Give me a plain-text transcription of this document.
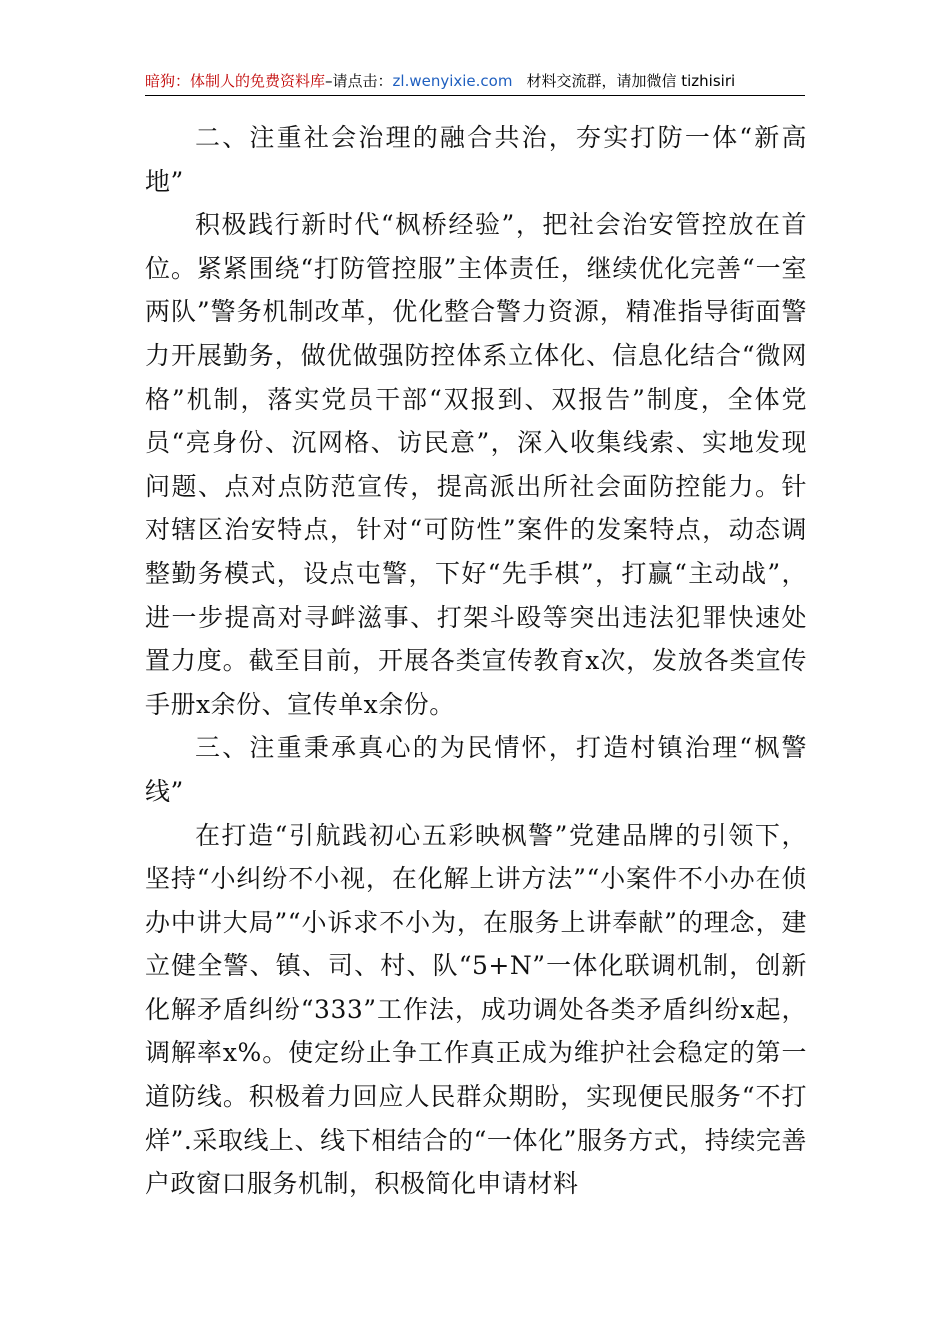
暗狗：体制人的免费资料库–请点击：zl.wenyixie.com 材料交流群，请加微信 tizhisiri

二、注重社会治理的融合共治，夯实打防一体“新高地”

积极践行新时代“枫桥经验”，把社会治安管控放在首位。紧紧围绕“打防管控服”主体责任，继续优化完善“一室两队”警务机制改革，优化整合警力资源，精准指导街面警力开展勤务，做优做强防控体系立体化、信息化结合“微网格”机制，落实党员干部“双报到、双报告”制度，全体党员“亮身份、沉网格、访民意”，深入收集线索、实地发现问题、点对点防范宣传，提高派出所社会面防控能力。针对辖区治安特点，针对“可防性”案件的发案特点，动态调整勤务模式，设点屯警，下好“先手棋”，打赢“主动战”，进一步提高对寻衅滋事、打架斗殴等突出违法犯罪快速处置力度。截至目前，开展各类宣传教育x次，发放各类宣传手册x余份、宣传单x余份。

三、注重秉承真心的为民情怀，打造村镇治理“枫警线”

在打造“引航践初心五彩映枫警”党建品牌的引领下，坚持“小纠纷不小视，在化解上讲方法”“小案件不小办在侦办中讲大局”“小诉求不小为，在服务上讲奉献”的理念，建立健全警、镇、司、村、队“5+N”一体化联调机制，创新化解矛盾纠纷“333”工作法，成功调处各类矛盾纠纷x起，调解率x%。使定纷止争工作真正成为维护社会稳定的第一道防线。积极着力回应人民群众期盼，实现便民服务“不打烊”.采取线上、线下相结合的“一体化”服务方式，持续完善户政窗口服务机制，积极简化申请材料
